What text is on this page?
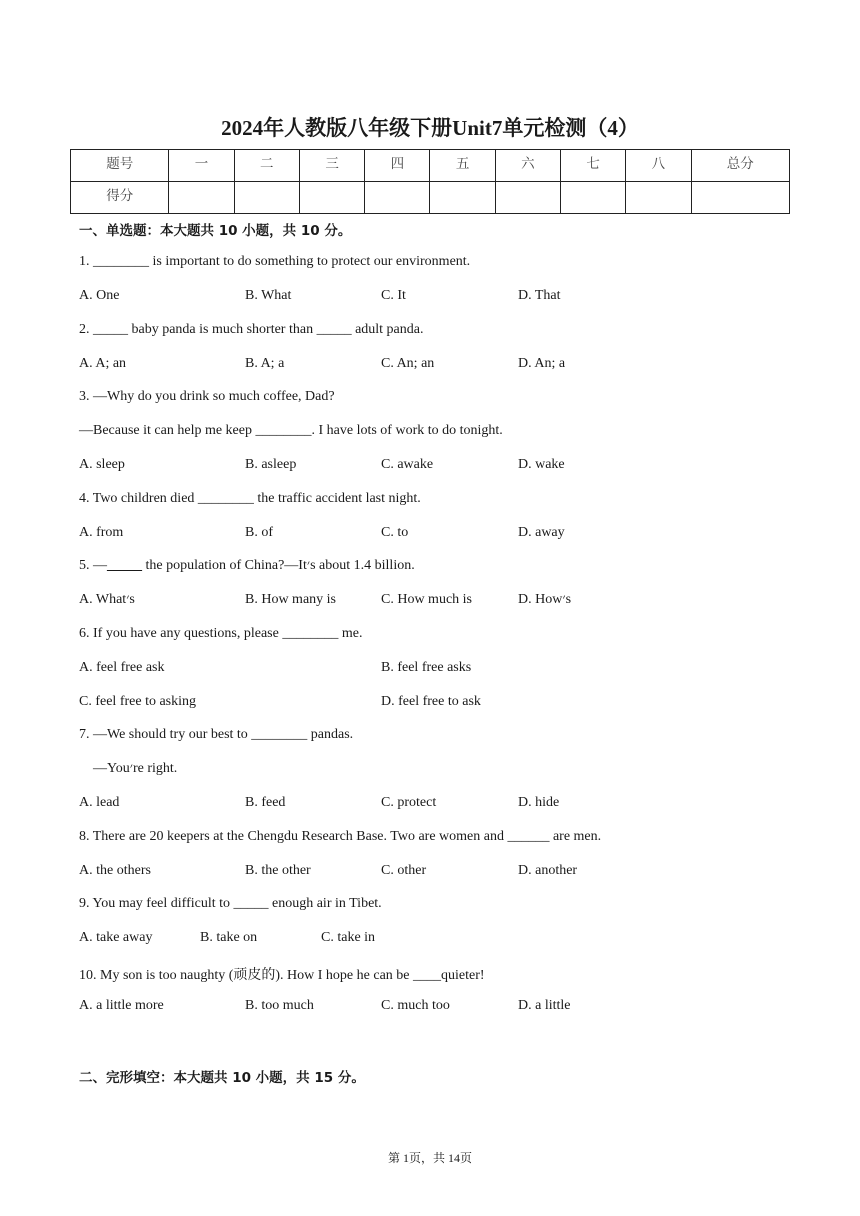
2024年人教版八年级下册Unit7单元检测（4）
题号	一	二	三	四	五	六	七	八	总分
得分									
一、单选题：本大题共 10 小题，共 10 分。
1. ________ is important to do something to protect our environment.
A. One	B. What	C. It	D. That
2. _____ baby panda is much shorter than _____ adult panda.
A. A; an	B. A; a	C. An; an	D. An; a
3. —Why do you drink so much coffee, Dad?
—Because it can help me keep ________. I have lots of work to do tonight.
A. sleep	B. asleep	C. awake	D. wake
4. Two children died ________ the traffic accident last night.
A. from	B. of	C. to	D. away
5. —_____ the population of China?—It׳s about 1.4 billion.
A. What׳s	B. How many is	C. How much is	D. How׳s
6. If you have any questions, please ________ me.
A. feel free ask	B. feel free asks
C. feel free to asking	D. feel free to ask
7. —We should try our best to ________ pandas.
—You׳re right.
A. lead	B. feed	C. protect	D. hide
8. There are 20 keepers at the Chengdu Research Base. Two are women and ______ are men.
A. the others	B. the other	C. other	D. another
9. You may feel difficult to _____ enough air in Tibet.
A. take away	B. take on	C. take in
10. My son is too naughty (顽皮的). How I hope he can be ____quieter!
A. a little more	B. too much	C. much too	D. a little
二、完形填空：本大题共 10 小题，共 15 分。
第 1页，共 14页
